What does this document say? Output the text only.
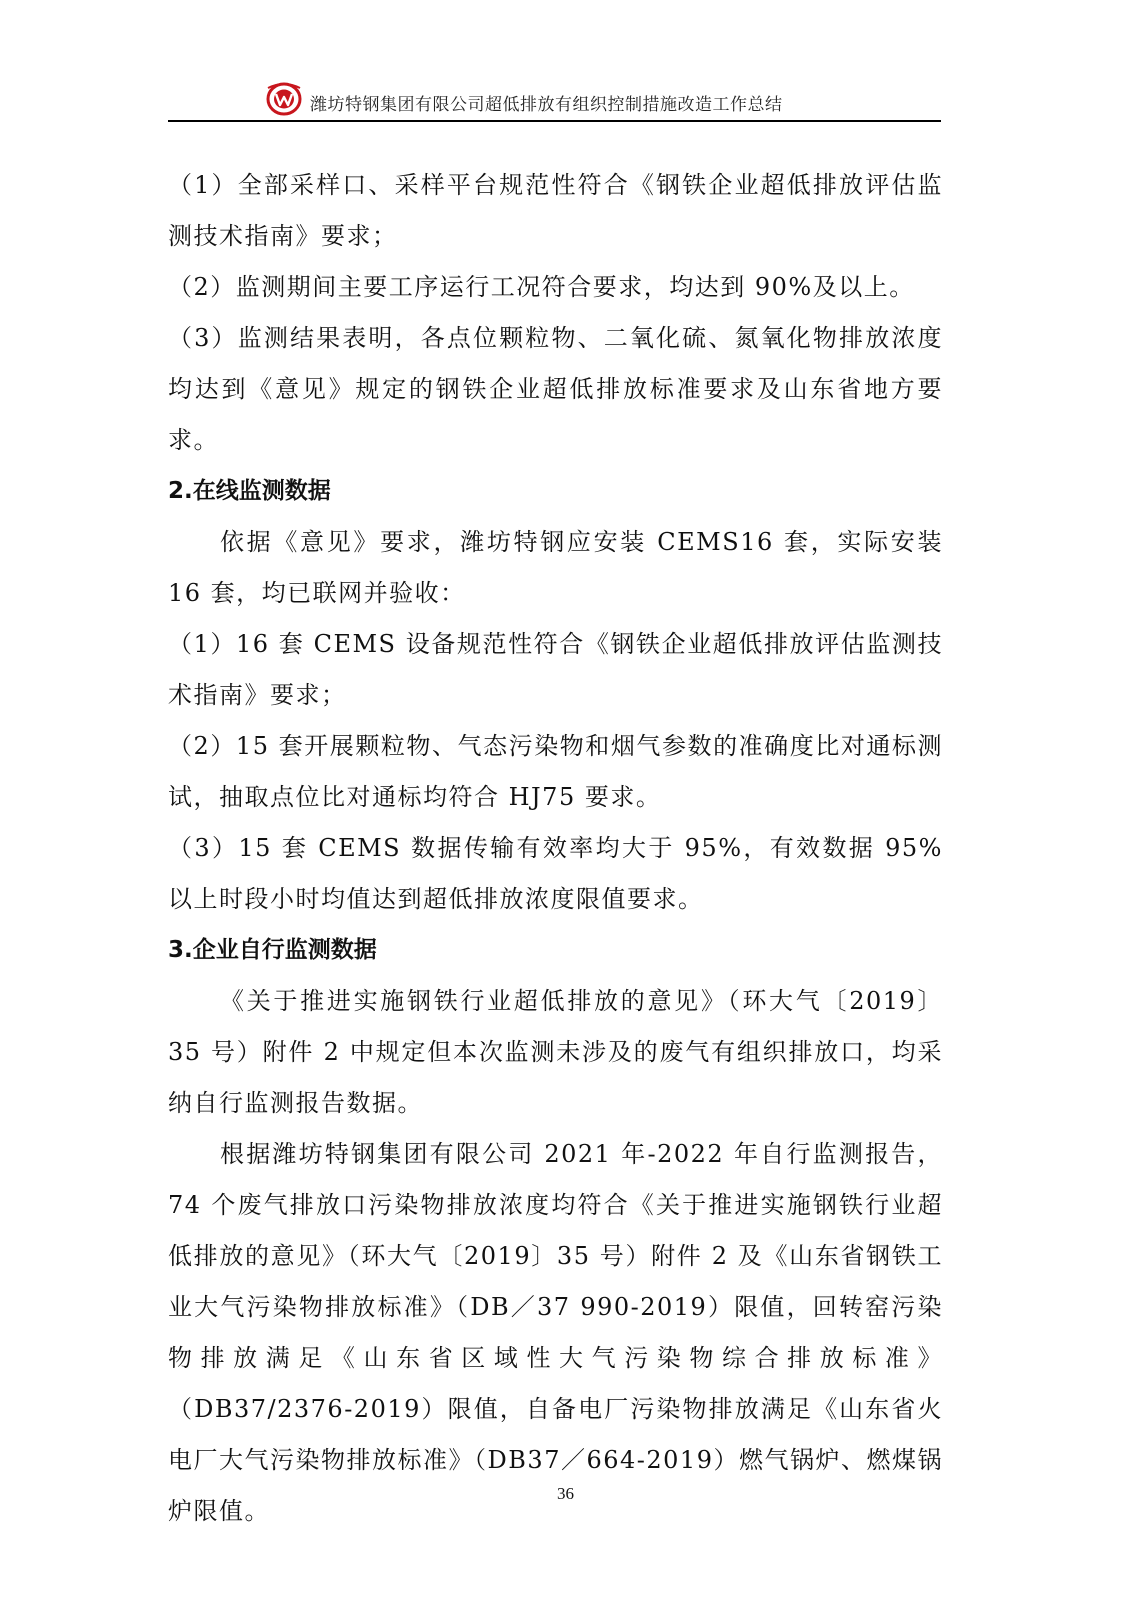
潍坊特钢集团有限公司超低排放有组织控制措施改造工作总结

（1）全部采样口、采样平台规范性符合《钢铁企业超低排放评估监测技术指南》要求；

（2）监测期间主要工序运行工况符合要求，均达到 90%及以上。

（3）监测结果表明，各点位颗粒物、二氧化硫、氮氧化物排放浓度均达到《意见》规定的钢铁企业超低排放标准要求及山东省地方要求。

2.在线监测数据

依据《意见》要求，潍坊特钢应安装 CEMS16 套，实际安装 16 套，均已联网并验收：

（1）16 套 CEMS 设备规范性符合《钢铁企业超低排放评估监测技术指南》要求；

（2）15 套开展颗粒物、气态污染物和烟气参数的准确度比对通标测试，抽取点位比对通标均符合 HJ75 要求。

（3）15 套 CEMS 数据传输有效率均大于 95%，有效数据 95%以上时段小时均值达到超低排放浓度限值要求。

3.企业自行监测数据

《关于推进实施钢铁行业超低排放的意见》（环大气〔2019〕35 号）附件 2 中规定但本次监测未涉及的废气有组织排放口，均采纳自行监测报告数据。

根据潍坊特钢集团有限公司 2021 年-2022 年自行监测报告，74 个废气排放口污染物排放浓度均符合《关于推进实施钢铁行业超低排放的意见》（环大气〔2019〕35 号）附件 2 及《山东省钢铁工业大气污染物排放标准》（DB／37 990-2019）限值，回转窑污染物排放满足《山东省区域性大气污染物综合排放标准》（DB37/2376-2019）限值，自备电厂污染物排放满足《山东省火电厂大气污染物排放标准》（DB37／664-2019）燃气锅炉、燃煤锅炉限值。

36
